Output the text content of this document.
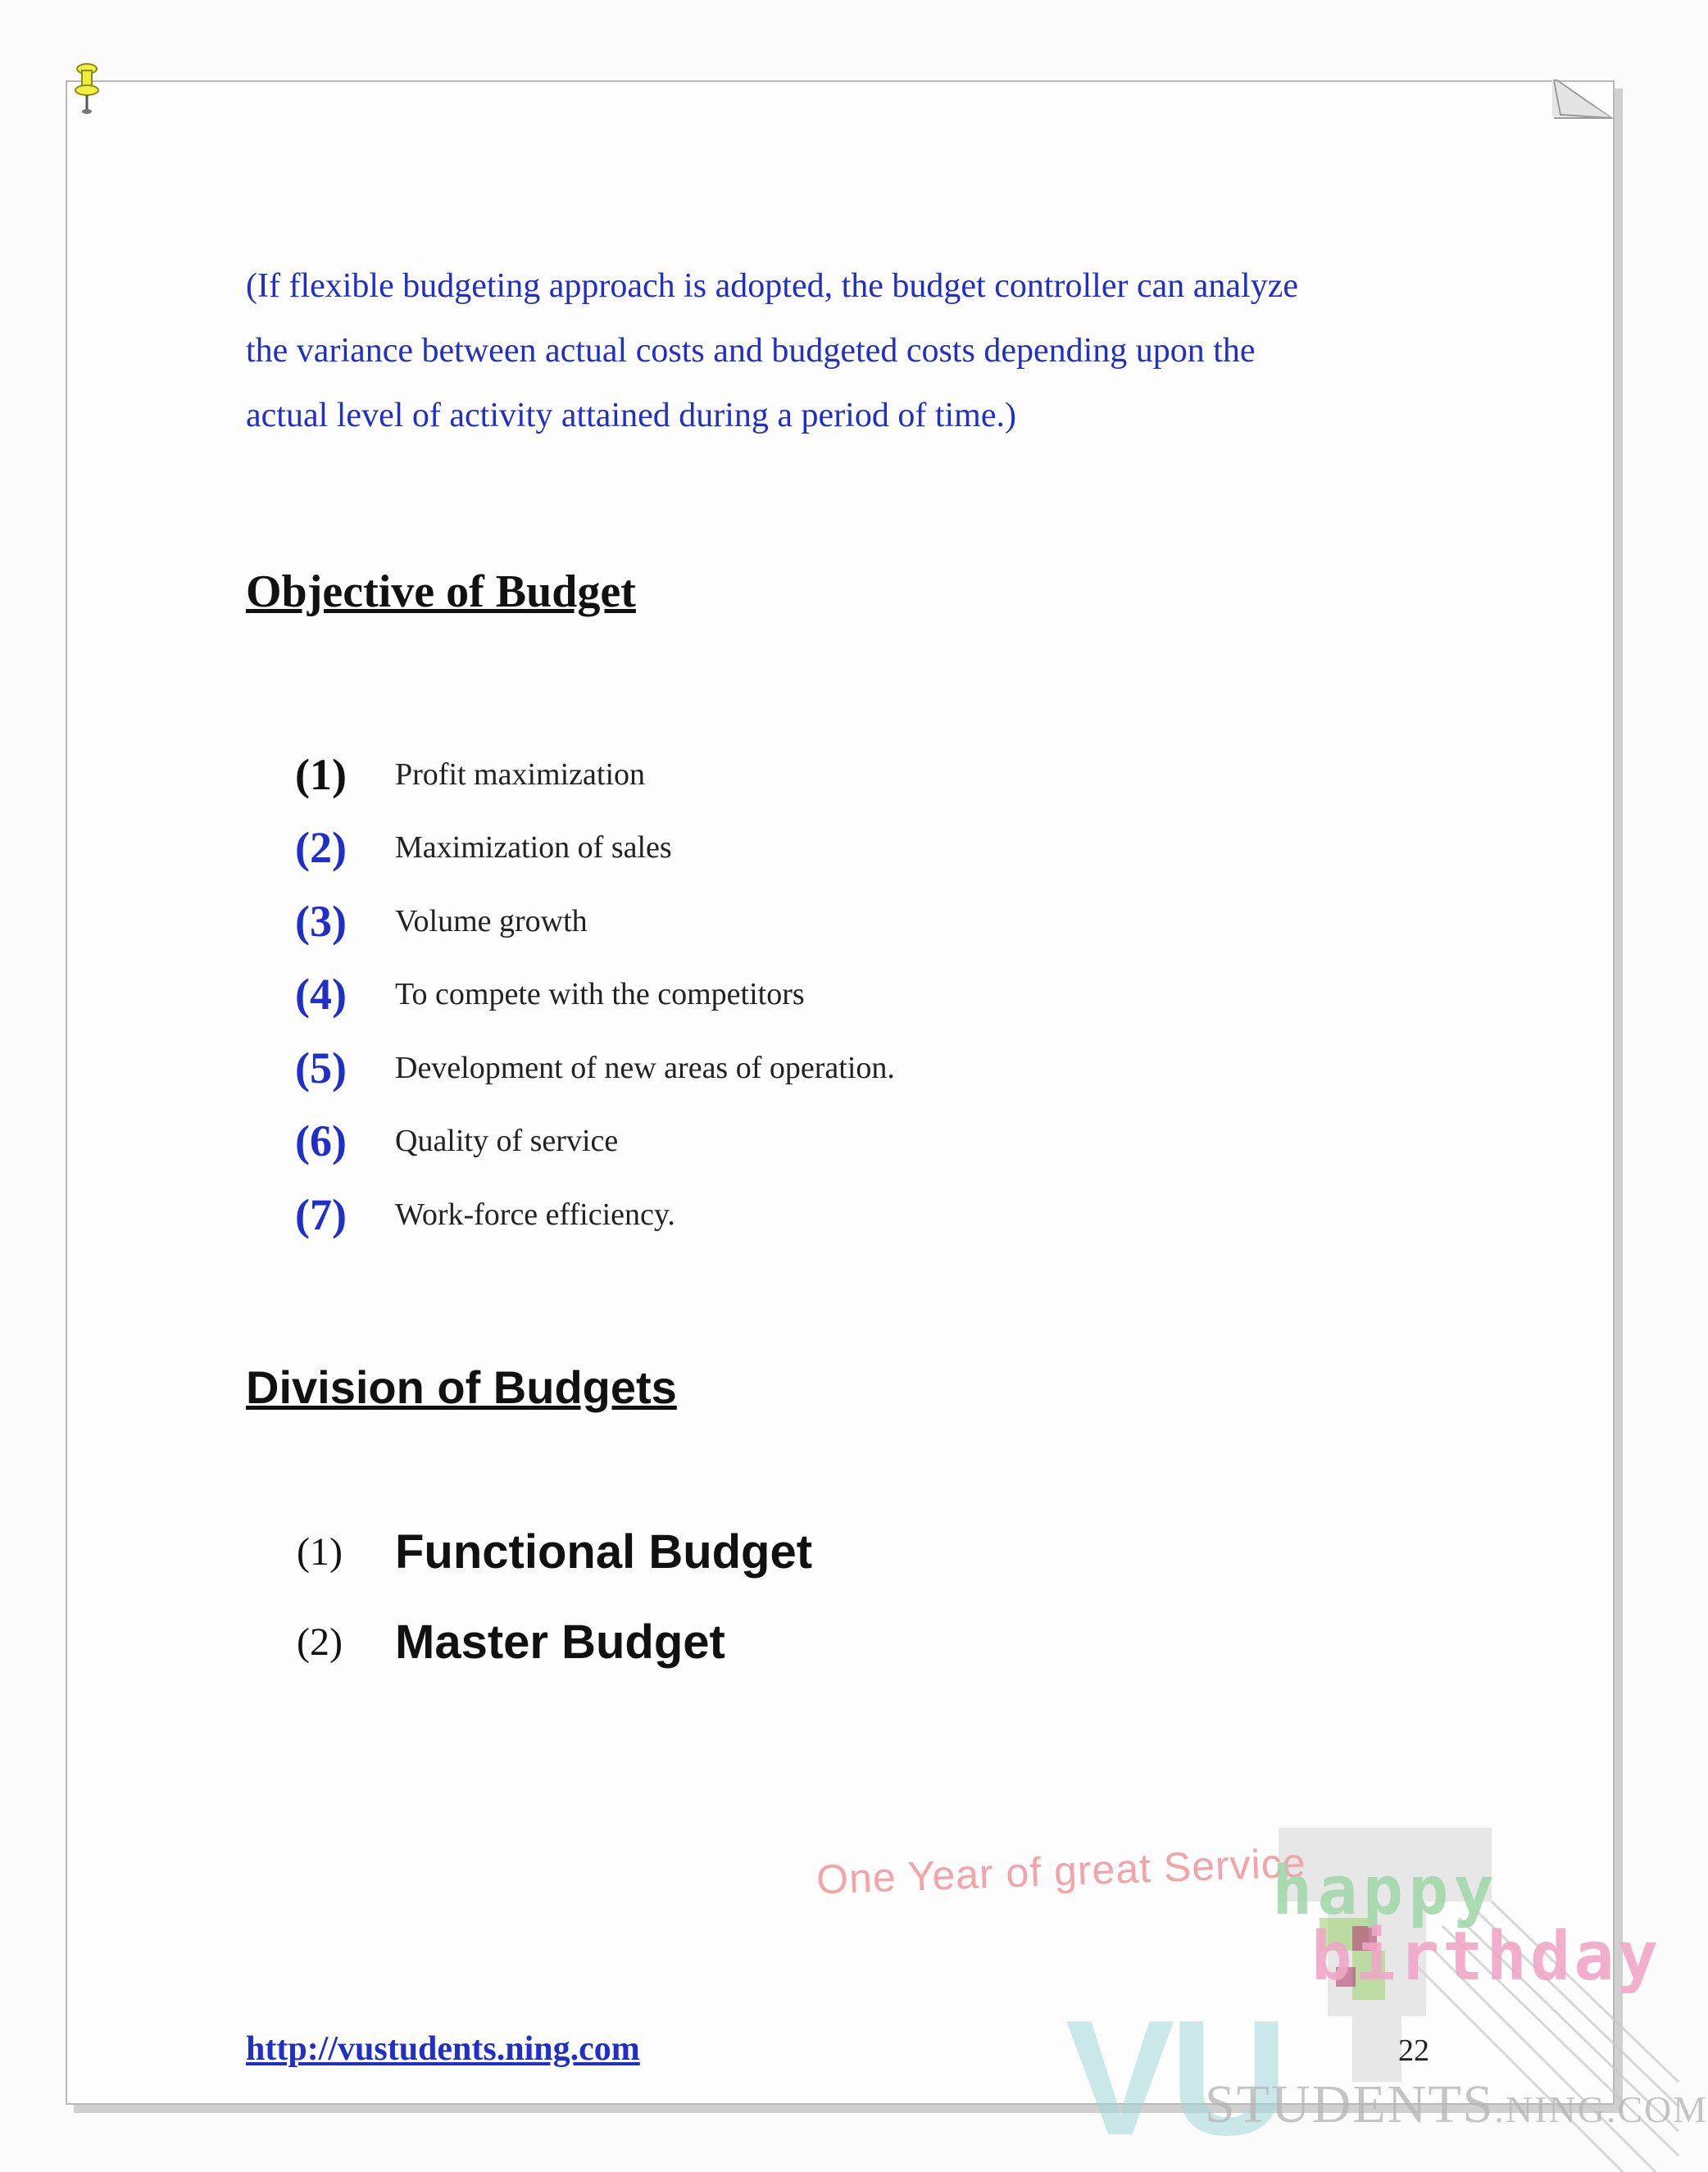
(If flexible budgeting approach is adopted, the budget controller can analyze
the variance between actual costs and budgeted costs depending upon the
actual level of activity attained during a period of time.)
Objective of Budget
(1)	Profit maximization
(2)	Maximization of sales
(3)	Volume growth
(4)	To compete with the competitors
(5)	Development of new areas of operation.
(6)	Quality of service
(7)	Work-force efficiency.
Division of Budgets
(1)	Functional Budget
(2)	Master Budget
One Year of great Service
happy
birthday
VU
STUDENTS.NING.COM
http://vustudents.ning.com	22
